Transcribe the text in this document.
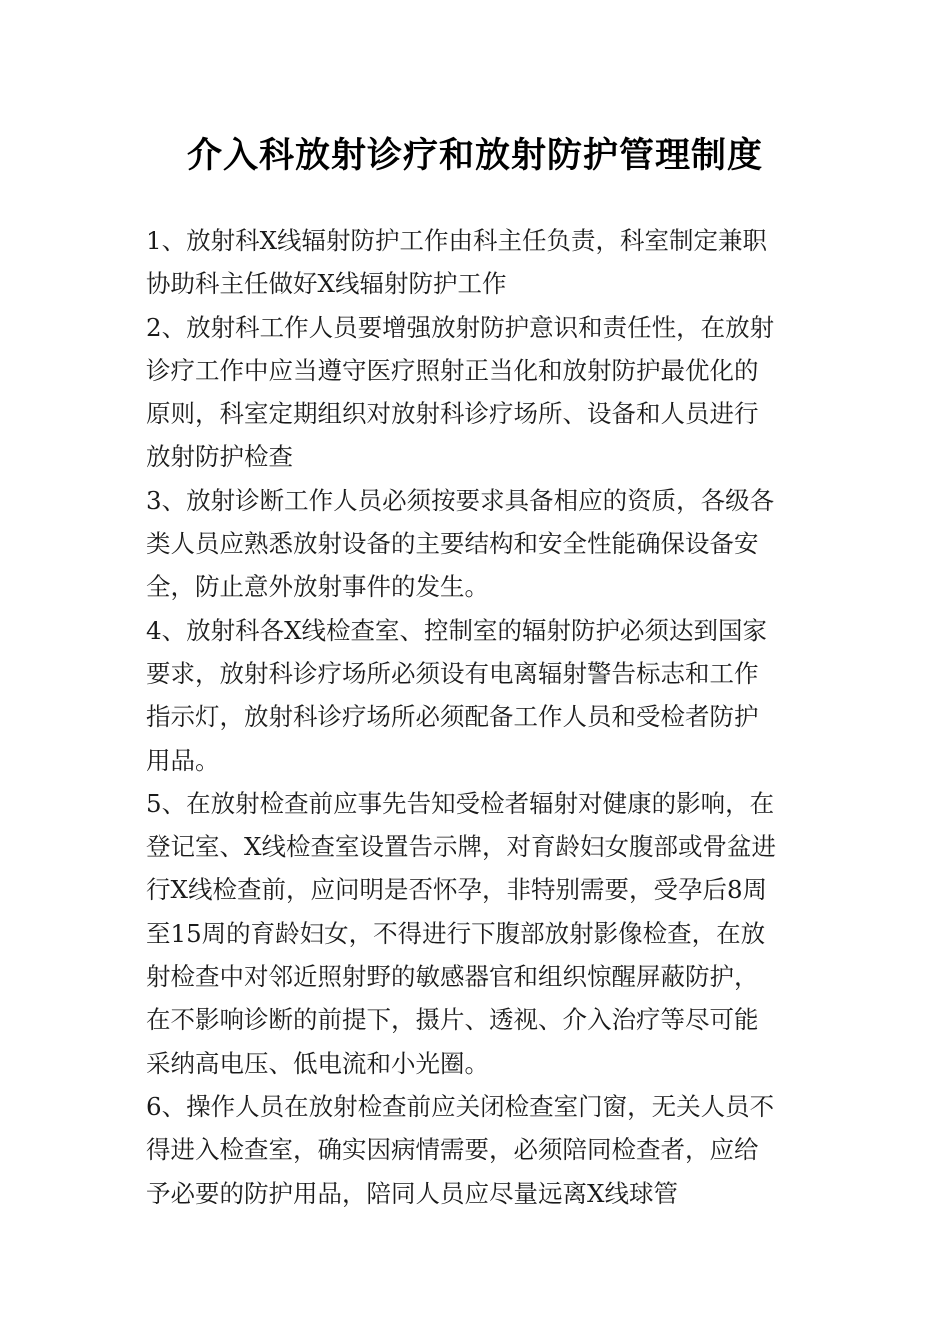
介入科放射诊疗和放射防护管理制度
1、放射科X线辐射防护工作由科主任负责，科室制定兼职
协助科主任做好X线辐射防护工作
2、放射科工作人员要增强放射防护意识和责任性，在放射
诊疗工作中应当遵守医疗照射正当化和放射防护最优化的
原则，科室定期组织对放射科诊疗场所、设备和人员进行
放射防护检查
3、放射诊断工作人员必须按要求具备相应的资质，各级各
类人员应熟悉放射设备的主要结构和安全性能确保设备安
全，防止意外放射事件的发生。
4、放射科各X线检查室、控制室的辐射防护必须达到国家
要求，放射科诊疗场所必须设有电离辐射警告标志和工作
指示灯，放射科诊疗场所必须配备工作人员和受检者防护
用品。
5、在放射检查前应事先告知受检者辐射对健康的影响，在
登记室、X线检查室设置告示牌，对育龄妇女腹部或骨盆进
行X线检查前，应问明是否怀孕，非特别需要，受孕后8周
至15周的育龄妇女，不得进行下腹部放射影像检查，在放
射检查中对邻近照射野的敏感器官和组织惊醒屏蔽防护，
在不影响诊断的前提下，摄片、透视、介入治疗等尽可能
采纳高电压、低电流和小光圈。
6、操作人员在放射检查前应关闭检查室门窗，无关人员不
得进入检查室，确实因病情需要，必须陪同检查者，应给
予必要的防护用品，陪同人员应尽量远离X线球管
